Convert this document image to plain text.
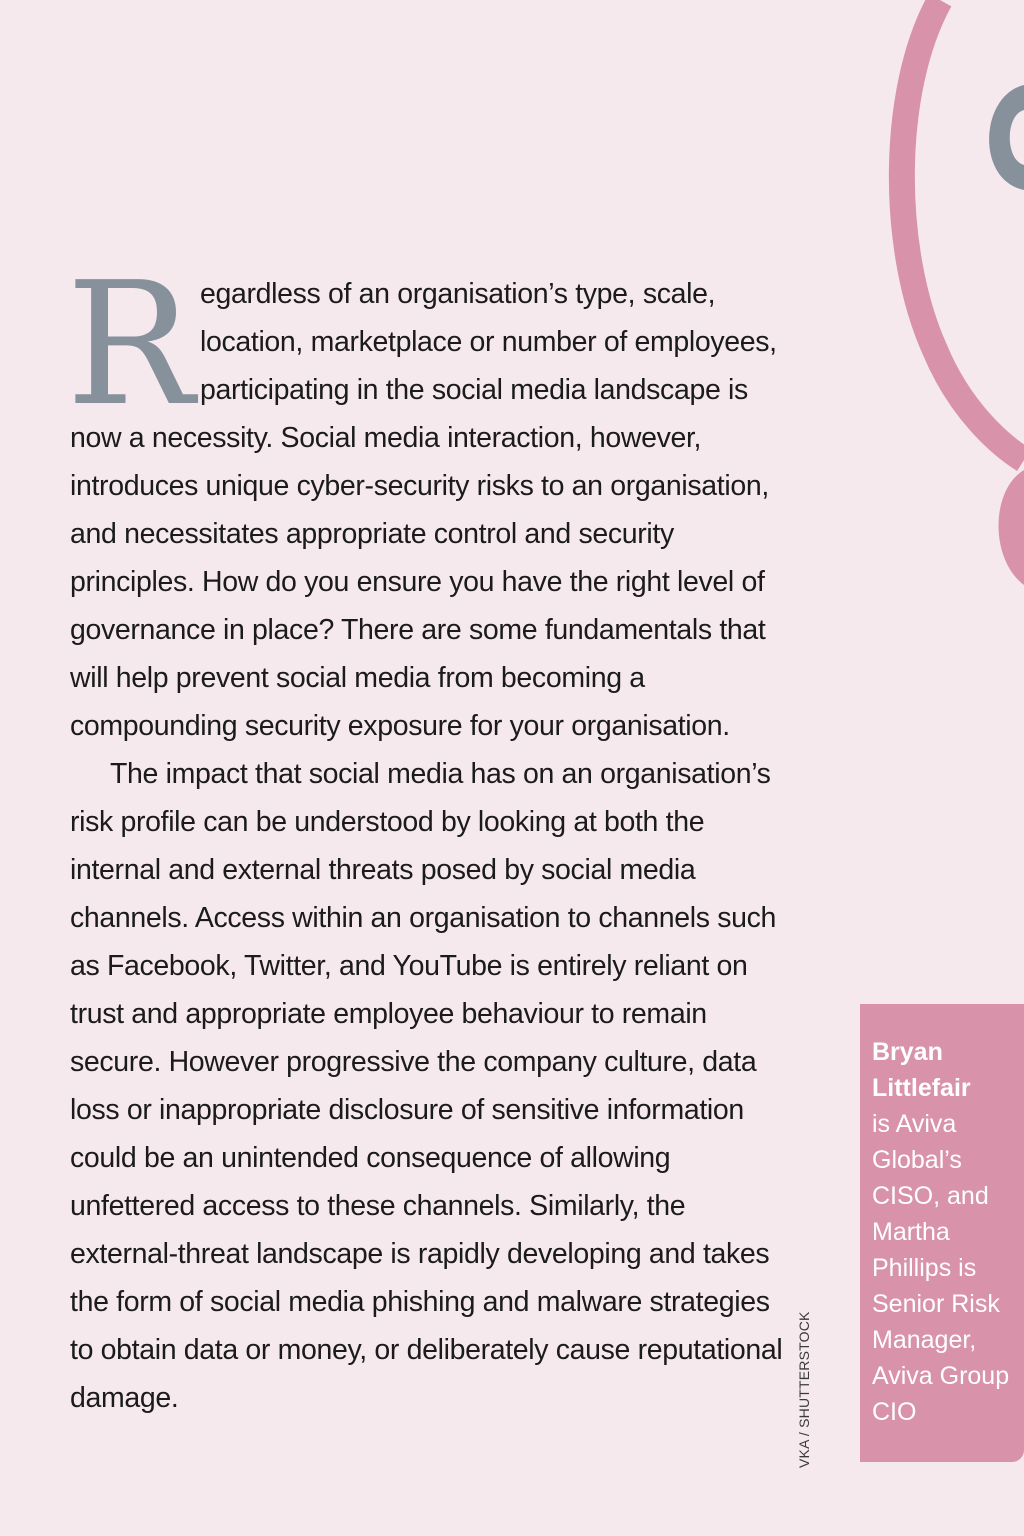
Regardless of an organisation’s type, scale, location, marketplace or number of employees, participating in the social media landscape is now a necessity. Social media interaction, however, introduces unique cyber-security risks to an organisation, and necessitates appropriate control and security principles. How do you ensure you have the right level of governance in place? There are some fundamentals that will help prevent social media from becoming a compounding security exposure for your organisation.

The impact that social media has on an organisation’s risk profile can be understood by looking at both the internal and external threats posed by social media channels. Access within an organisation to channels such as Facebook, Twitter, and YouTube is entirely reliant on trust and appropriate employee behaviour to remain secure. However progressive the company culture, data loss or inappropriate disclosure of sensitive information could be an unintended consequence of allowing unfettered access to these channels. Similarly, the external-threat landscape is rapidly developing and takes the form of social media phishing and malware strategies to obtain data or money, or deliberately cause reputational damage.	VKA / SHUTTERSTOCK
Bryan Littlefair
is Aviva Global’s CISO, and Martha Phillips is Senior Risk Manager, Aviva Group CIO
